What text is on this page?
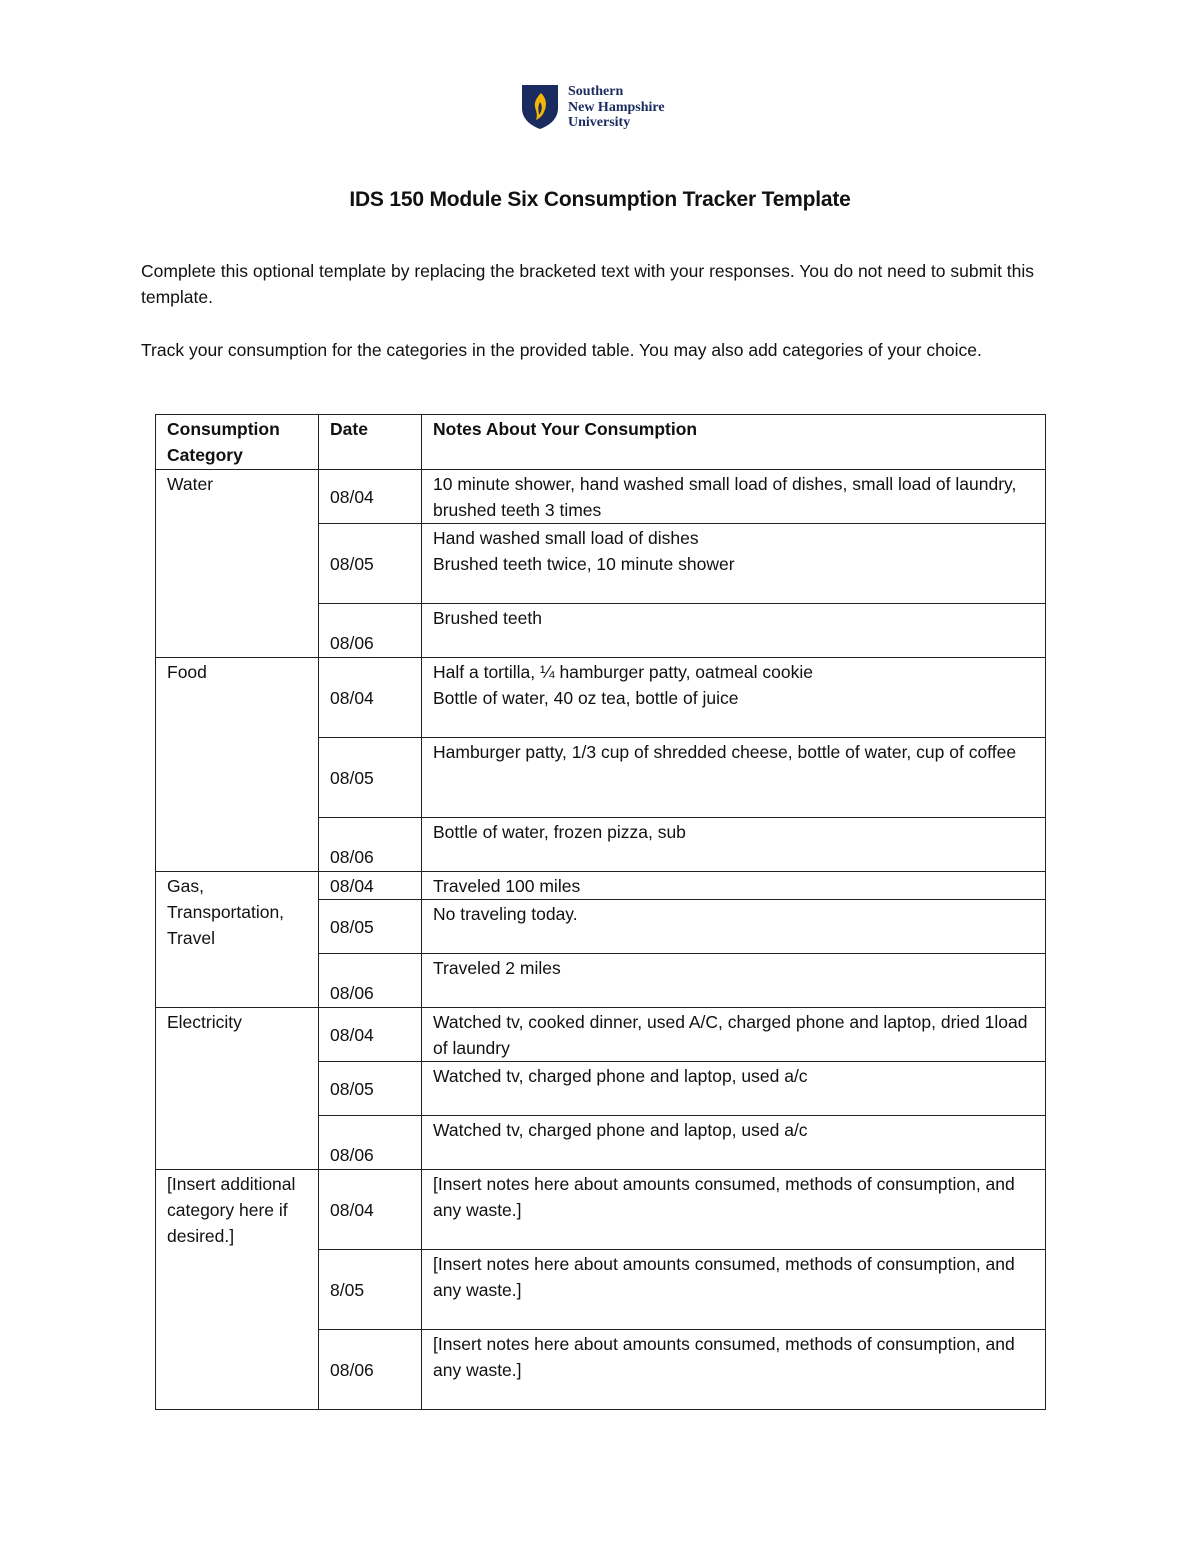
Southern
New Hampshire
University
IDS 150 Module Six Consumption Tracker Template
Complete this optional template by replacing the bracketed text with your responses. You do not need to submit this template.
Track your consumption for the categories in the provided table. You may also add categories of your choice.
Consumption Category	Date	Notes About Your Consumption
Water	08/04	10 minute shower, hand washed small load of dishes, small load of laundry, brushed teeth 3 times

	08/05	Hand washed small load of dishes
Brushed teeth twice, 10 minute shower

	08/06	Brushed teeth

Food	08/04	Half a tortilla, ¼ hamburger patty, oatmeal cookie
Bottle of water, 40 oz tea, bottle of juice

	08/05	Hamburger patty, 1/3 cup of shredded cheese, bottle of water, cup of coffee

	08/06	Bottle of water, frozen pizza, sub

Gas, Transportation, Travel	08/04	Traveled 100 miles

	08/05	No traveling today.

	08/06	Traveled 2 miles

Electricity	08/04	Watched tv, cooked dinner, used A/C, charged phone and laptop, dried 1load of laundry

	08/05	Watched tv, charged phone and laptop, used a/c

	08/06	Watched tv, charged phone and laptop, used a/c

[Insert additional category here if desired.]	08/04	[Insert notes here about amounts consumed, methods of consumption, and any waste.]

	8/05	[Insert notes here about amounts consumed, methods of consumption, and any waste.]

	08/06	[Insert notes here about amounts consumed, methods of consumption, and any waste.]
